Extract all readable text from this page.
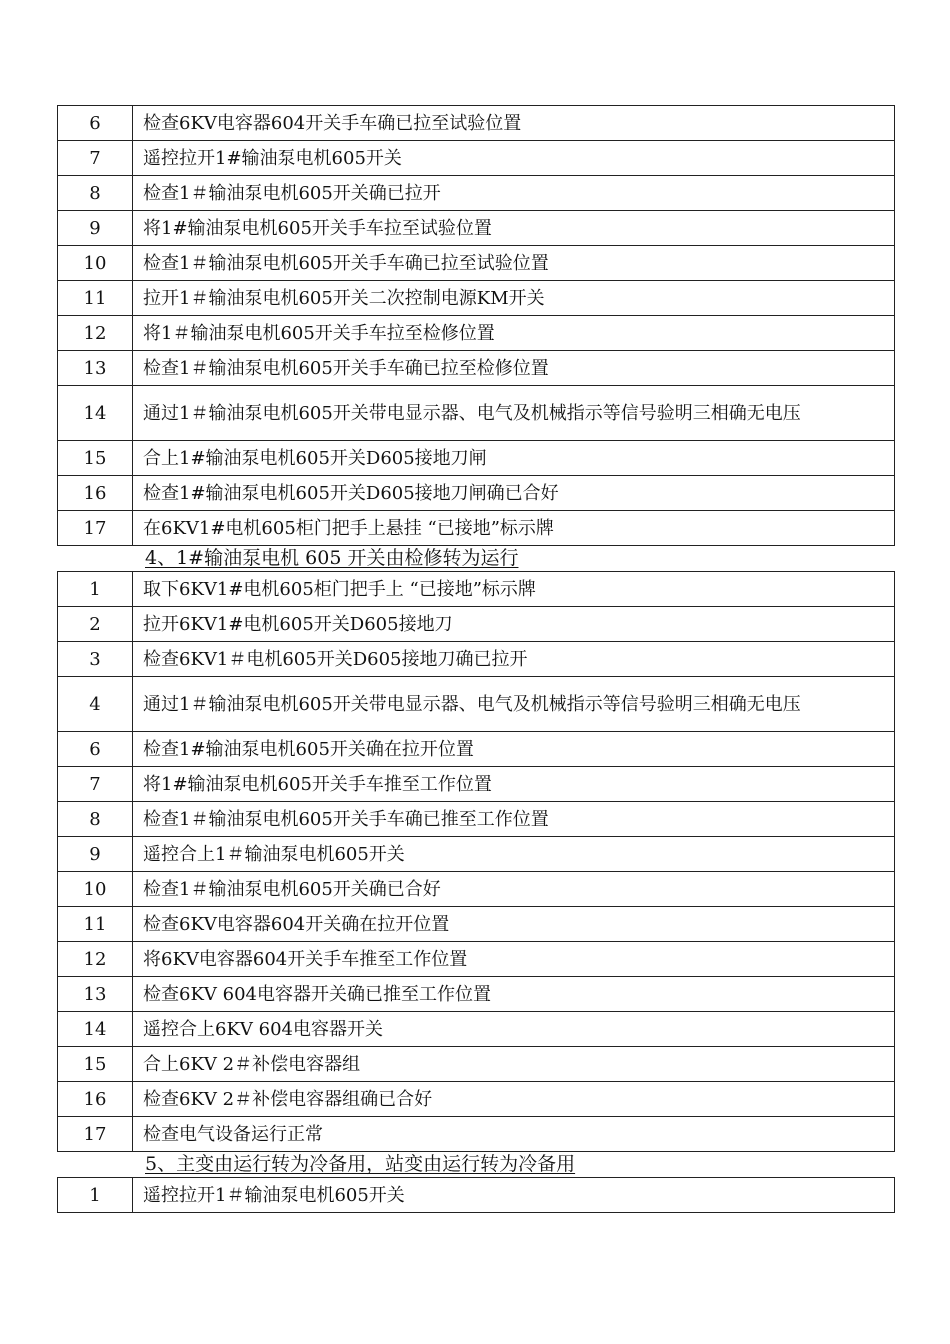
6	检查6KV电容器604开关手车确已拉至试验位置
7	遥控拉开1#输油泵电机605开关
8	检查1＃输油泵电机605开关确已拉开
9	将1#输油泵电机605开关手车拉至试验位置
10	检查1＃输油泵电机605开关手车确已拉至试验位置
11	拉开1＃输油泵电机605开关二次控制电源KM开关
12	将1＃输油泵电机605开关手车拉至检修位置
13	检查1＃输油泵电机605开关手车确已拉至检修位置
14	通过1＃输油泵电机605开关带电显示器、电气及机械指示等信号验明三相确无电压
15	合上1#输油泵电机605开关D605接地刀闸
16	检查1#输油泵电机605开关D605接地刀闸确已合好
17	在6KV1#电机605柜门把手上悬挂 “已接地”标示牌
4、1#输油泵电机 605 开关由检修转为运行
1	取下6KV1#电机605柜门把手上 “已接地”标示牌
2	拉开6KV1#电机605开关D605接地刀
3	检查6KV1＃电机605开关D605接地刀确已拉开
4	通过1＃输油泵电机605开关带电显示器、电气及机械指示等信号验明三相确无电压
6	检查1#输油泵电机605开关确在拉开位置
7	将1#输油泵电机605开关手车推至工作位置
8	检查1＃输油泵电机605开关手车确已推至工作位置
9	遥控合上1＃输油泵电机605开关
10	检查1＃输油泵电机605开关确已合好
11	检查6KV电容器604开关确在拉开位置
12	将6KV电容器604开关手车推至工作位置
13	检查6KV 604电容器开关确已推至工作位置
14	遥控合上6KV 604电容器开关
15	合上6KV 2＃补偿电容器组
16	检查6KV 2＃补偿电容器组确已合好
17	检查电气设备运行正常
5、主变由运行转为冷备用，站变由运行转为冷备用
1	遥控拉开1＃输油泵电机605开关
